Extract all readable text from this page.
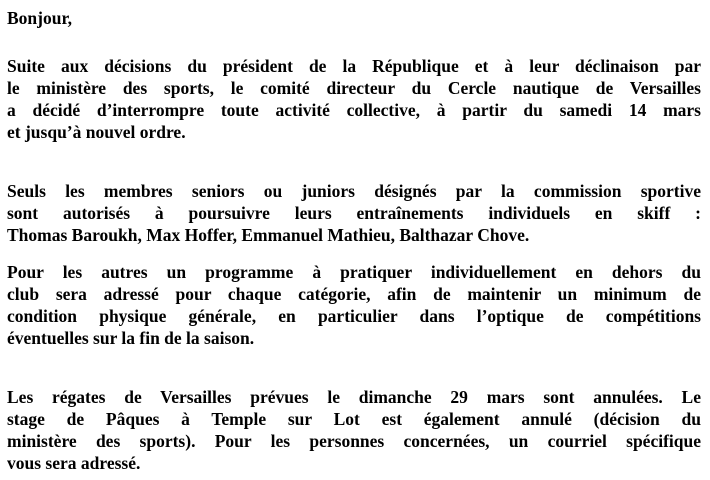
Bonjour,

Suite aux décisions du président de la République et à leur déclinaison par
le ministère des sports, le comité directeur du Cercle nautique de Versailles
a décidé d’interrompre toute activité collective, à partir du samedi 14 mars
et jusqu’à nouvel ordre.
Seuls les membres seniors ou juniors désignés par la commission sportive
sont autorisés à poursuivre leurs entraînements individuels en skiff :
Thomas Baroukh, Max Hoffer, Emmanuel Mathieu, Balthazar Chove.
Pour les autres un programme à pratiquer individuellement en dehors du
club sera adressé pour chaque catégorie, afin de maintenir un minimum de
condition physique générale, en particulier dans l’optique de compétitions
éventuelles sur la fin de la saison.
Les régates de Versailles prévues le dimanche 29 mars sont annulées. Le
stage de Pâques à Temple sur Lot est également annulé (décision du
ministère des sports). Pour les personnes concernées, un courriel spécifique
vous sera adressé.
